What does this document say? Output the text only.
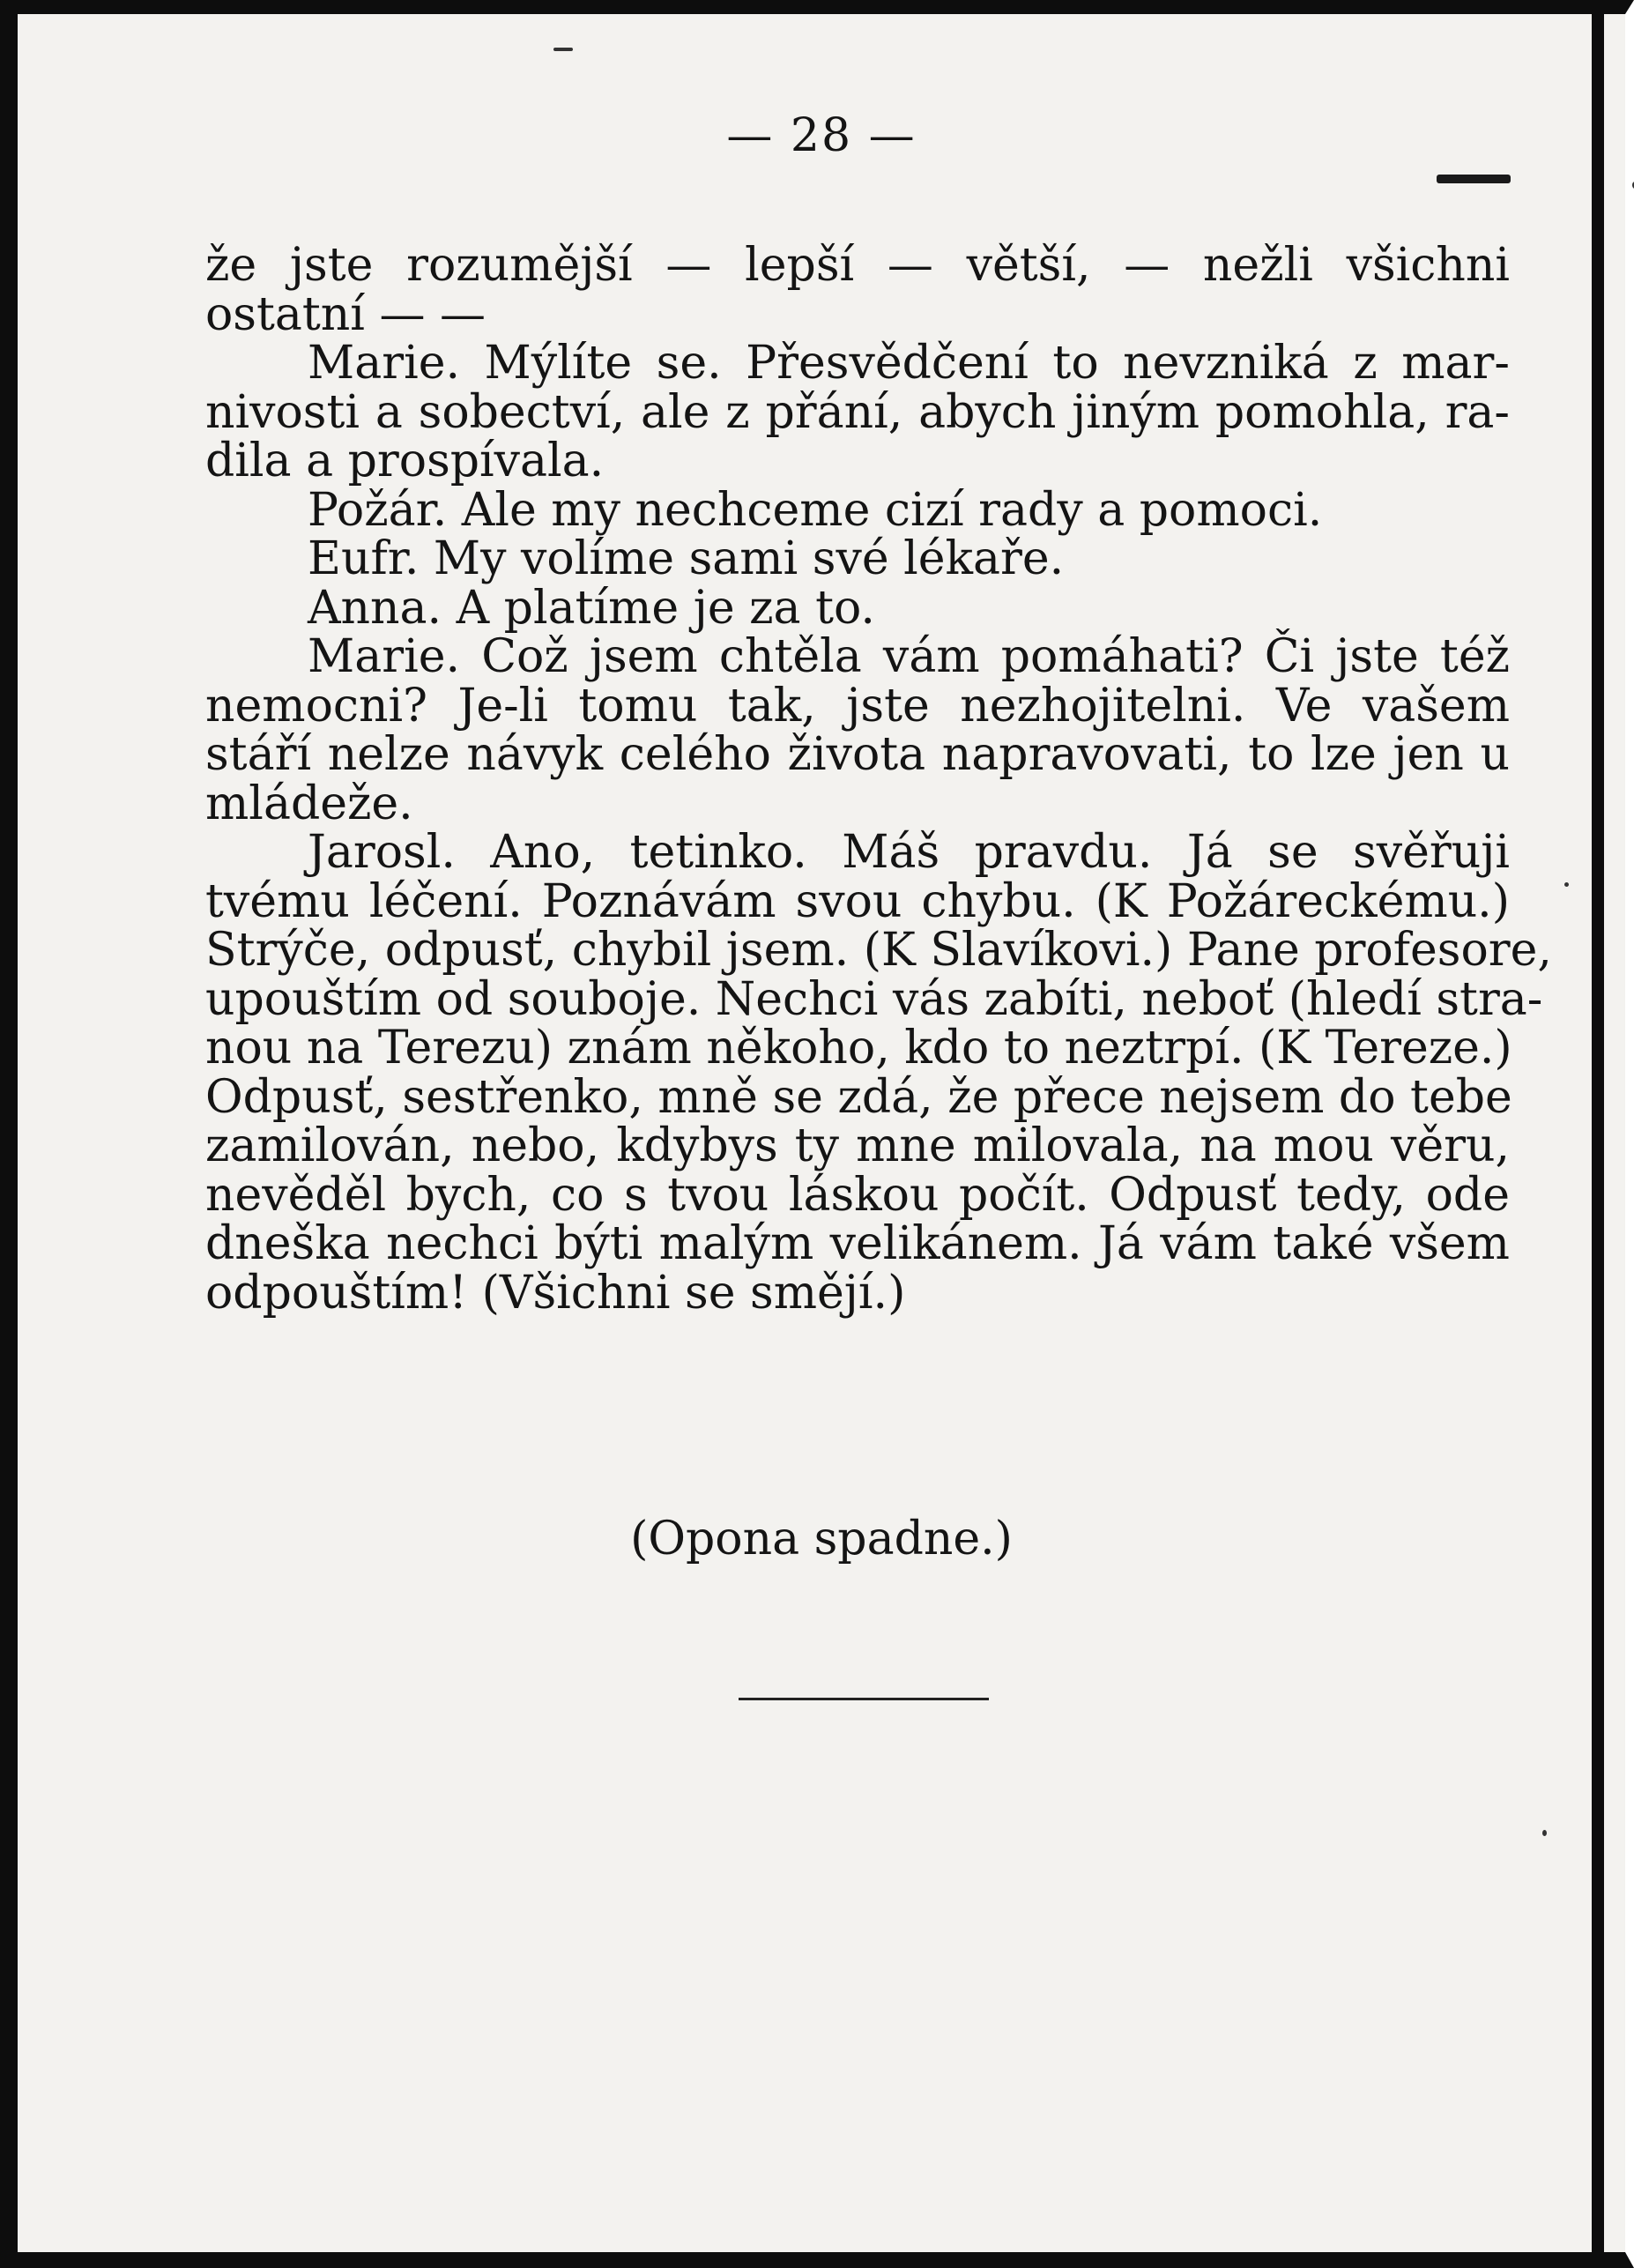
— 28 —
že jste rozumější — lepší — větší, — nežli všichni
ostatní — —
Marie. Mýlíte se. Přesvědčení to nevzniká z mar-
nivosti a sobectví, ale z přání, abych jiným pomohla, ra-
dila a prospívala.
Požár. Ale my nechceme cizí rady a pomoci.
Eufr. My volíme sami své lékaře.
Anna. A platíme je za to.
Marie. Což jsem chtěla vám pomáhati? Či jste též
nemocni? Je-li tomu tak, jste nezhojitelni. Ve vašem
stáří nelze návyk celého života napravovati, to lze jen u
mládeže.
Jarosl. Ano, tetinko. Máš pravdu. Já se svěřuji
tvému léčení. Poznávám svou chybu. (K Požáreckému.)
Strýče, odpusť, chybil jsem. (K Slavíkovi.) Pane profesore,
upouštím od souboje. Nechci vás zabíti, neboť (hledí stra-
nou na Terezu) znám někoho, kdo to neztrpí. (K Tereze.)
Odpusť, sestřenko, mně se zdá, že přece nejsem do tebe
zamilován, nebo, kdybys ty mne milovala, na mou věru,
nevěděl bych, co s tvou láskou počít. Odpusť tedy, ode
dneška nechci býti malým velikánem. Já vám také všem
odpouštím! (Všichni se smějí.)
(Opona spadne.)
